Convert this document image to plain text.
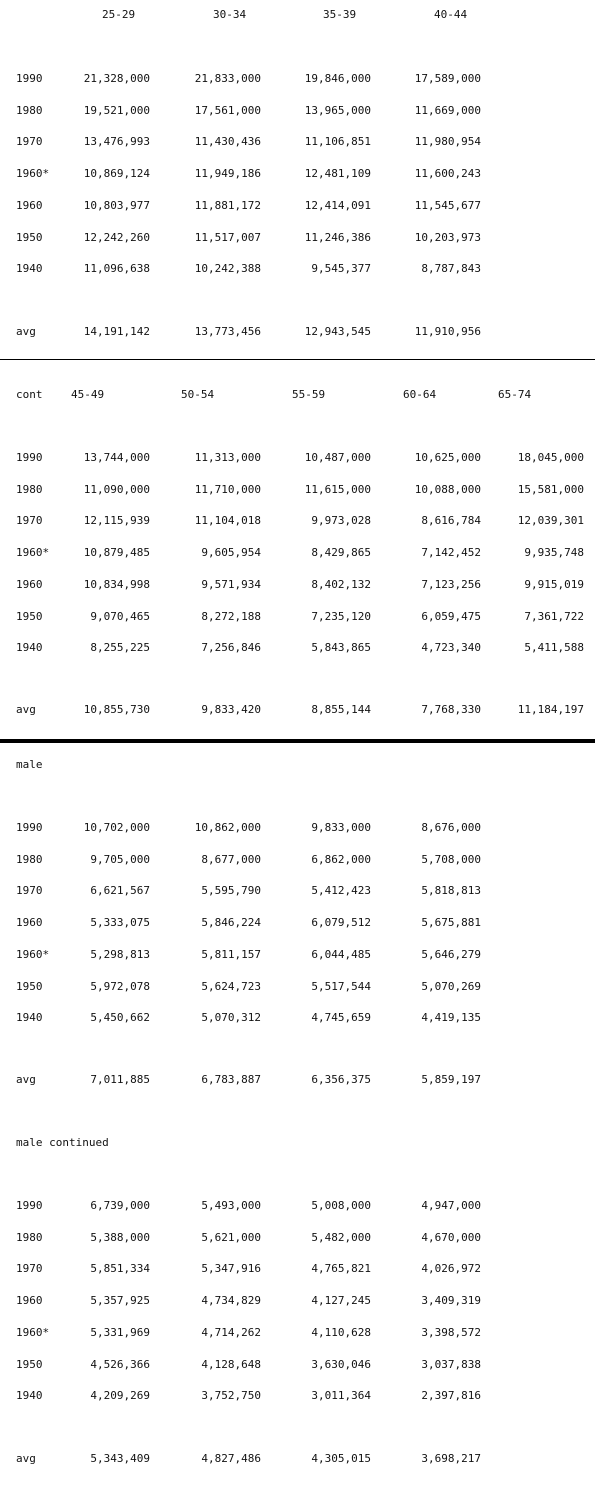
25-29	30-34	35-39	40-44
1990	21,328,000	21,833,000	19,846,000	17,589,000
1980	19,521,000	17,561,000	13,965,000	11,669,000
1970	13,476,993	11,430,436	11,106,851	11,980,954
1960*	10,869,124	11,949,186	12,481,109	11,600,243
1960	10,803,977	11,881,172	12,414,091	11,545,677
1950	12,242,260	11,517,007	11,246,386	10,203,973
1940	11,096,638	10,242,388	9,545,377	8,787,843
avg	14,191,142	13,773,456	12,943,545	11,910,956
cont	45-49	50-54	55-59	60-64	65-74
1990	13,744,000	11,313,000	10,487,000	10,625,000	18,045,000
1980	11,090,000	11,710,000	11,615,000	10,088,000	15,581,000
1970	12,115,939	11,104,018	9,973,028	8,616,784	12,039,301
1960*	10,879,485	9,605,954	8,429,865	7,142,452	9,935,748
1960	10,834,998	9,571,934	8,402,132	7,123,256	9,915,019
1950	9,070,465	8,272,188	7,235,120	6,059,475	7,361,722
1940	8,255,225	7,256,846	5,843,865	4,723,340	5,411,588
avg	10,855,730	9,833,420	8,855,144	7,768,330	11,184,197
male
1990	10,702,000	10,862,000	9,833,000	8,676,000
1980	9,705,000	8,677,000	6,862,000	5,708,000
1970	6,621,567	5,595,790	5,412,423	5,818,813
1960	5,333,075	5,846,224	6,079,512	5,675,881
1960*	5,298,813	5,811,157	6,044,485	5,646,279
1950	5,972,078	5,624,723	5,517,544	5,070,269
1940	5,450,662	5,070,312	4,745,659	4,419,135
avg	7,011,885	6,783,887	6,356,375	5,859,197
male continued
1990	6,739,000	5,493,000	5,008,000	4,947,000
1980	5,388,000	5,621,000	5,482,000	4,670,000
1970	5,851,334	5,347,916	4,765,821	4,026,972
1960	5,357,925	4,734,829	4,127,245	3,409,319
1960*	5,331,969	4,714,262	4,110,628	3,398,572
1950	4,526,366	4,128,648	3,630,046	3,037,838
1940	4,209,269	3,752,750	3,011,364	2,397,816
avg	5,343,409	4,827,486	4,305,015	3,698,217
